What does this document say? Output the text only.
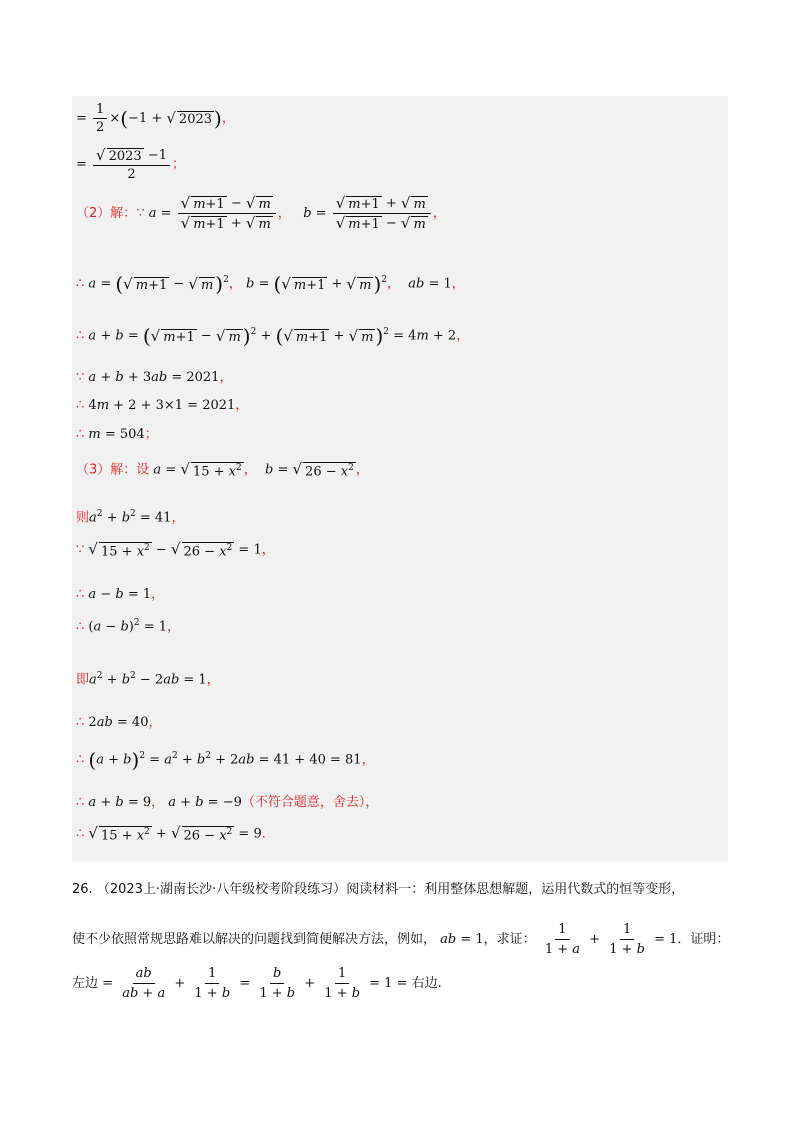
= $\frac{1}{2} \times(-1$ + √ 2023 )，
= $\frac{√ 2023 -1}{2}$ ；
（2）解：∵ $a = \frac{√ m+1 - √ m}{√ m+1 + √ m}$ ， $b = \frac{√ m+1 + √ m}{√ m+1 - √ m}$ ，
∴ a = ( √ m+1 − √ m )$^2$， b = ( √ m+1 + √ m )$^2$， ab = 1，
∴ a + b = ( √ m+1 − √ m )$^2$ + ( √ m+1 + √ m )$^2$ = 4m + 2，
∵ a + b + 3ab = 2021，
∴ 4m + 2 + 3×1 = 2021，
∴ m = 504；
（3）解：设 a = √ $15 + x^2$ ， b = √ $26 - x^2$ ，
则$a^2 + b^2 = 41$，
∵ √ $15 + x^2$ − √ $26 - x^2 = 1$，
∴ a − b = 1，
∴ $(a - b)^2 = 1$，
即$a^2 + b^2 - 2ab = 1$，
∴ 2ab = 40，
∴ $(a + b)^2 = a^2 + b^2 + 2ab = 41 + 40 = 81$，
∴ a + b = 9， a + b = −9（不符合题意，舍去），
∴ √ $15 + x^2$ + √ $26 - x^2 = 9$.
26. （2023上·湖南长沙·八年级校考阶段练习）阅读材料一：利用整体思想解题，运用代数式的恒等变形，
使不少依照常规思路难以解决的问题找到简便解决方法，例如， ab = 1，求证： $\frac{1}{1 + a} + \frac{1}{1 + b} = 1$．证明：
左边 = $\frac{ab}{ab + a} + \frac{1}{1 + b} = \frac{b}{1 + b} + \frac{1}{1 + b} = 1$ = 右边.
